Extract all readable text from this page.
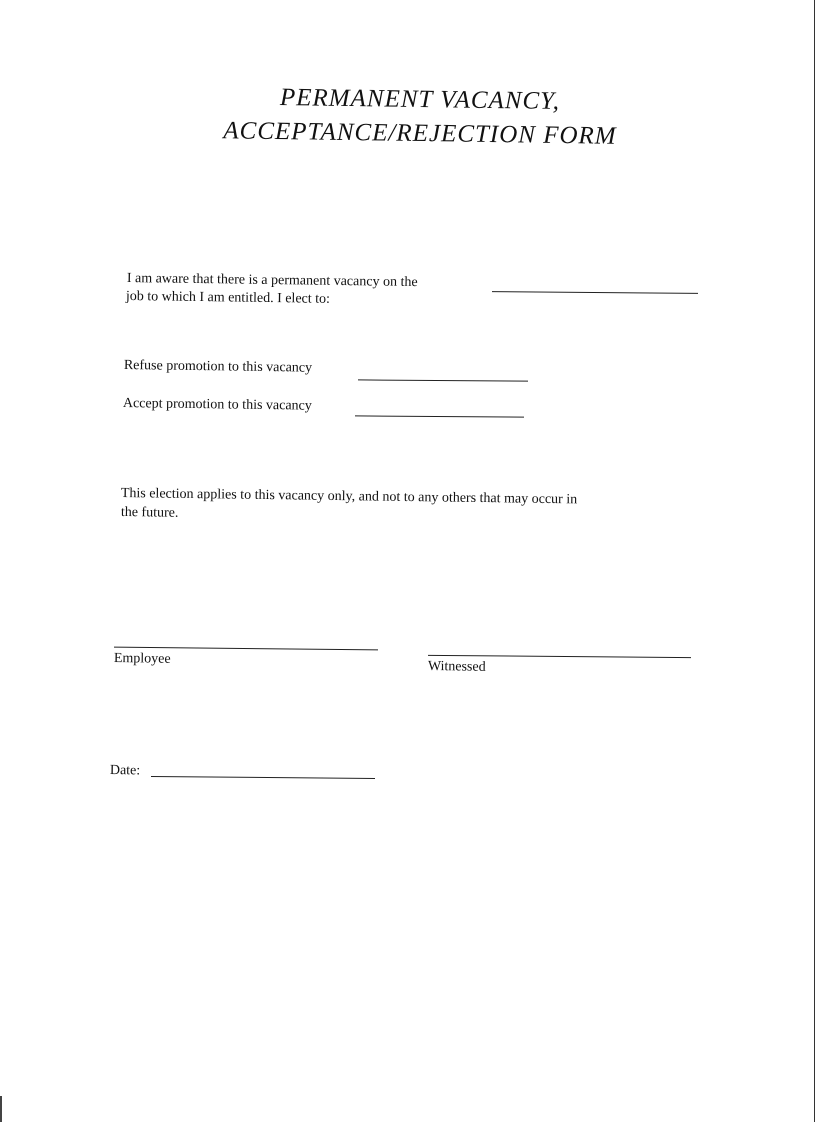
PERMANENT VACANCY,
ACCEPTANCE/REJECTION FORM
I am aware that there is a permanent vacancy on the
job to which I am entitled. I elect to:
Refuse promotion to this vacancy
Accept promotion to this vacancy
This election applies to this vacancy only, and not to any others that may occur in
the future.
Employee
Witnessed
Date:
